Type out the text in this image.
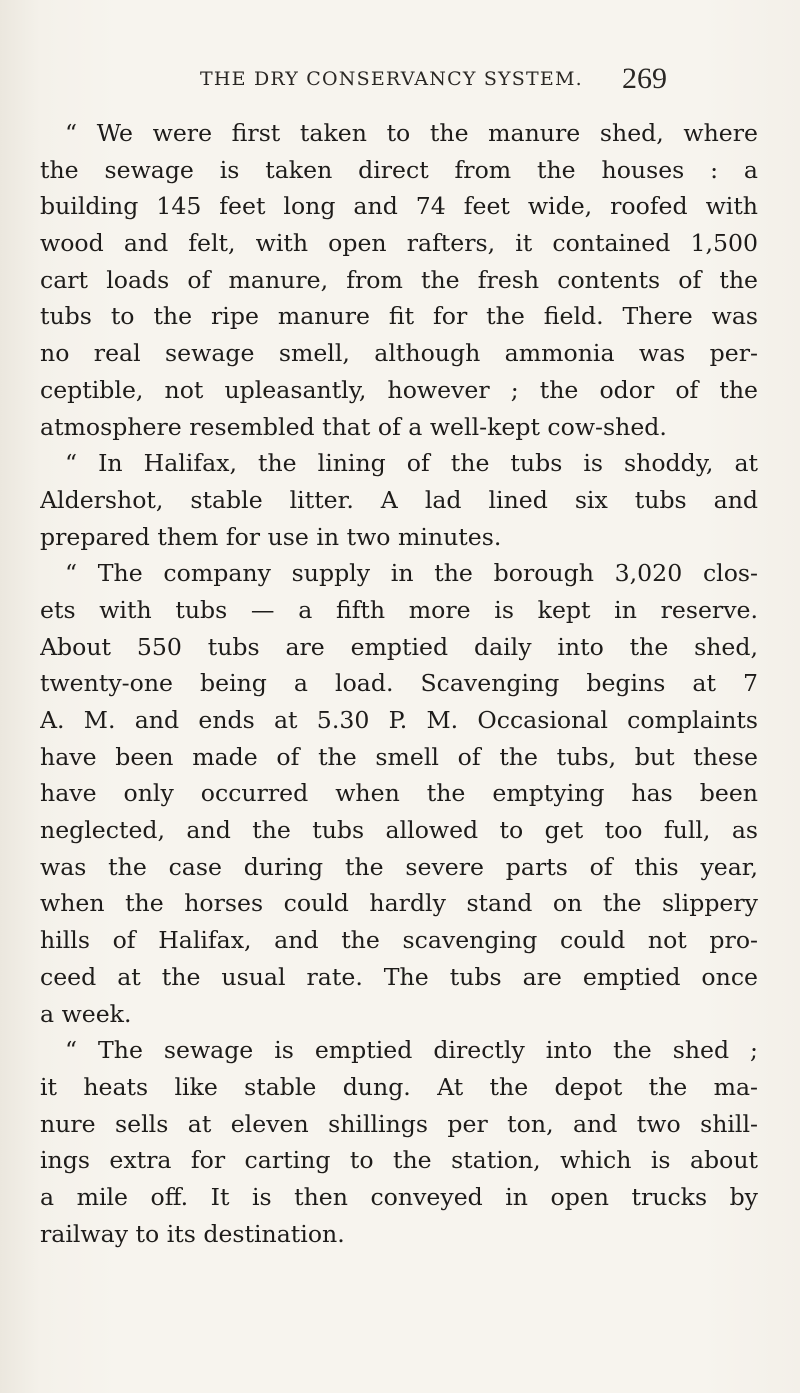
THE DRY CONSERVANCY SYSTEM. 269
“ We were first taken to the manure shed, where
the sewage is taken direct from the houses : a
building 145 feet long and 74 feet wide, roofed with
wood and felt, with open rafters, it contained 1,500
cart loads of manure, from the fresh contents of the
tubs to the ripe manure fit for the field. There was
no real sewage smell, although ammonia was per-
ceptible, not upleasantly, however ; the odor of the
atmosphere resembled that of a well-kept cow-shed.
“ In Halifax, the lining of the tubs is shoddy, at
Aldershot, stable litter. A lad lined six tubs and
prepared them for use in two minutes.
“ The company supply in the borough 3,020 clos-
ets with tubs — a fifth more is kept in reserve.
About 550 tubs are emptied daily into the shed,
twenty-one being a load. Scavenging begins at 7
A. M. and ends at 5.30 P. M. Occasional complaints
have been made of the smell of the tubs, but these
have only occurred when the emptying has been
neglected, and the tubs allowed to get too full, as
was the case during the severe parts of this year,
when the horses could hardly stand on the slippery
hills of Halifax, and the scavenging could not pro-
ceed at the usual rate. The tubs are emptied once
a week.
“ The sewage is emptied directly into the shed ;
it heats like stable dung. At the depot the ma-
nure sells at eleven shillings per ton, and two shill-
ings extra for carting to the station, which is about
a mile off. It is then conveyed in open trucks by
railway to its destination.
